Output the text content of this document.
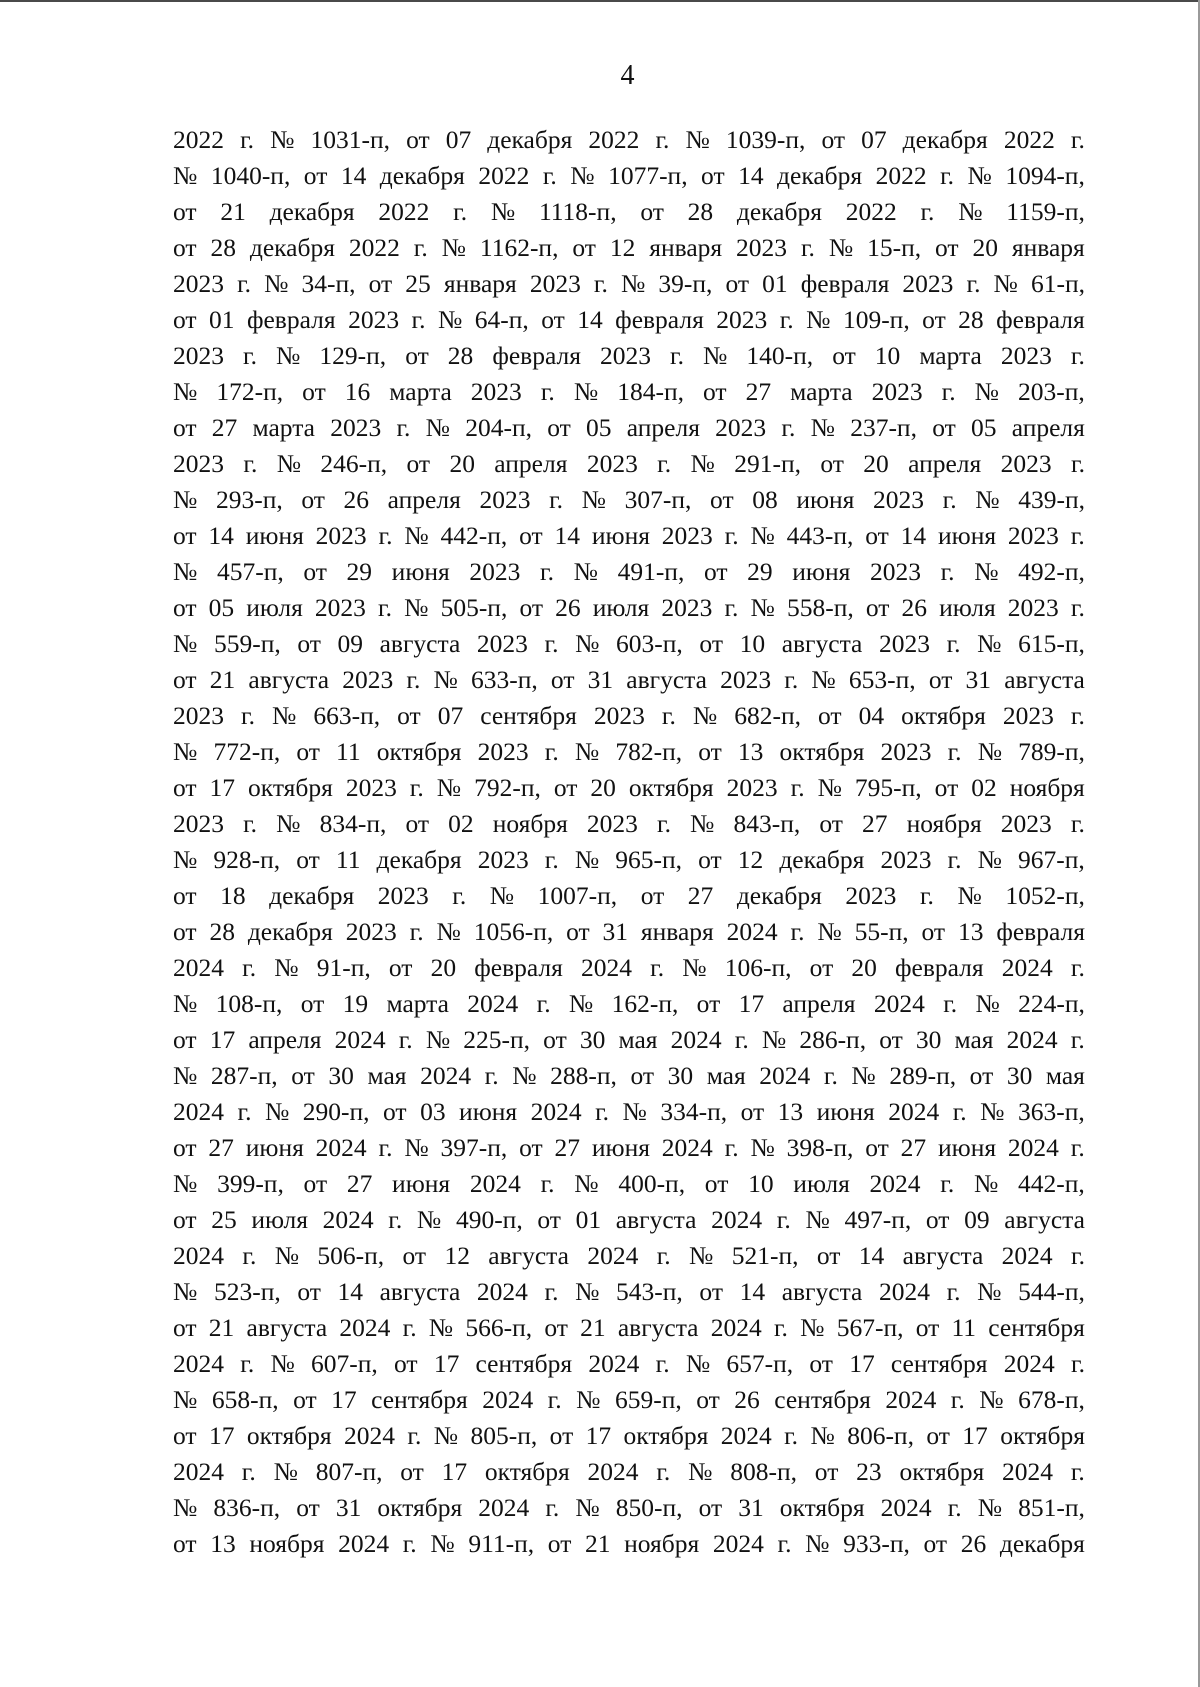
4
2022 г. № 1031-п, от 07 декабря 2022 г. № 1039-п, от 07 декабря 2022 г.
№ 1040-п, от 14 декабря 2022 г. № 1077-п, от 14 декабря 2022 г. № 1094-п,
от 21 декабря 2022 г. № 1118-п, от 28 декабря 2022 г. № 1159-п,
от 28 декабря 2022 г. № 1162-п, от 12 января 2023 г. № 15-п, от 20 января
2023 г. № 34-п, от 25 января 2023 г. № 39-п, от 01 февраля 2023 г. № 61-п,
от 01 февраля 2023 г. № 64-п, от 14 февраля 2023 г. № 109-п, от 28 февраля
2023 г. № 129-п, от 28 февраля 2023 г. № 140-п, от 10 марта 2023 г.
№ 172-п, от 16 марта 2023 г. № 184-п, от 27 марта 2023 г. № 203-п,
от 27 марта 2023 г. № 204-п, от 05 апреля 2023 г. № 237-п, от 05 апреля
2023 г. № 246-п, от 20 апреля 2023 г. № 291-п, от 20 апреля 2023 г.
№ 293-п, от 26 апреля 2023 г. № 307-п, от 08 июня 2023 г. № 439-п,
от 14 июня 2023 г. № 442-п, от 14 июня 2023 г. № 443-п, от 14 июня 2023 г.
№ 457-п, от 29 июня 2023 г. № 491-п, от 29 июня 2023 г. № 492-п,
от 05 июля 2023 г. № 505-п, от 26 июля 2023 г. № 558-п, от 26 июля 2023 г.
№ 559-п, от 09 августа 2023 г. № 603-п, от 10 августа 2023 г. № 615-п,
от 21 августа 2023 г. № 633-п, от 31 августа 2023 г. № 653-п, от 31 августа
2023 г. № 663-п, от 07 сентября 2023 г. № 682-п, от 04 октября 2023 г.
№ 772-п, от 11 октября 2023 г. № 782-п, от 13 октября 2023 г. № 789-п,
от 17 октября 2023 г. № 792-п, от 20 октября 2023 г. № 795-п, от 02 ноября
2023 г. № 834-п, от 02 ноября 2023 г. № 843-п, от 27 ноября 2023 г.
№ 928-п, от 11 декабря 2023 г. № 965-п, от 12 декабря 2023 г. № 967-п,
от 18 декабря 2023 г. № 1007-п, от 27 декабря 2023 г. № 1052-п,
от 28 декабря 2023 г. № 1056-п, от 31 января 2024 г. № 55-п, от 13 февраля
2024 г. № 91-п, от 20 февраля 2024 г. № 106-п, от 20 февраля 2024 г.
№ 108-п, от 19 марта 2024 г. № 162-п, от 17 апреля 2024 г. № 224-п,
от 17 апреля 2024 г. № 225-п, от 30 мая 2024 г. № 286-п, от 30 мая 2024 г.
№ 287-п, от 30 мая 2024 г. № 288-п, от 30 мая 2024 г. № 289-п, от 30 мая
2024 г. № 290-п, от 03 июня 2024 г. № 334-п, от 13 июня 2024 г. № 363-п,
от 27 июня 2024 г. № 397-п, от 27 июня 2024 г. № 398-п, от 27 июня 2024 г.
№ 399-п, от 27 июня 2024 г. № 400-п, от 10 июля 2024 г. № 442-п,
от 25 июля 2024 г. № 490-п, от 01 августа 2024 г. № 497-п, от 09 августа
2024 г. № 506-п, от 12 августа 2024 г. № 521-п, от 14 августа 2024 г.
№ 523-п, от 14 августа 2024 г. № 543-п, от 14 августа 2024 г. № 544-п,
от 21 августа 2024 г. № 566-п, от 21 августа 2024 г. № 567-п, от 11 сентября
2024 г. № 607-п, от 17 сентября 2024 г. № 657-п, от 17 сентября 2024 г.
№ 658-п, от 17 сентября 2024 г. № 659-п, от 26 сентября 2024 г. № 678-п,
от 17 октября 2024 г. № 805-п, от 17 октября 2024 г. № 806-п, от 17 октября
2024 г. № 807-п, от 17 октября 2024 г. № 808-п, от 23 октября 2024 г.
№ 836-п, от 31 октября 2024 г. № 850-п, от 31 октября 2024 г. № 851-п,
от 13 ноября 2024 г. № 911-п, от 21 ноября 2024 г. № 933-п, от 26 декабря
